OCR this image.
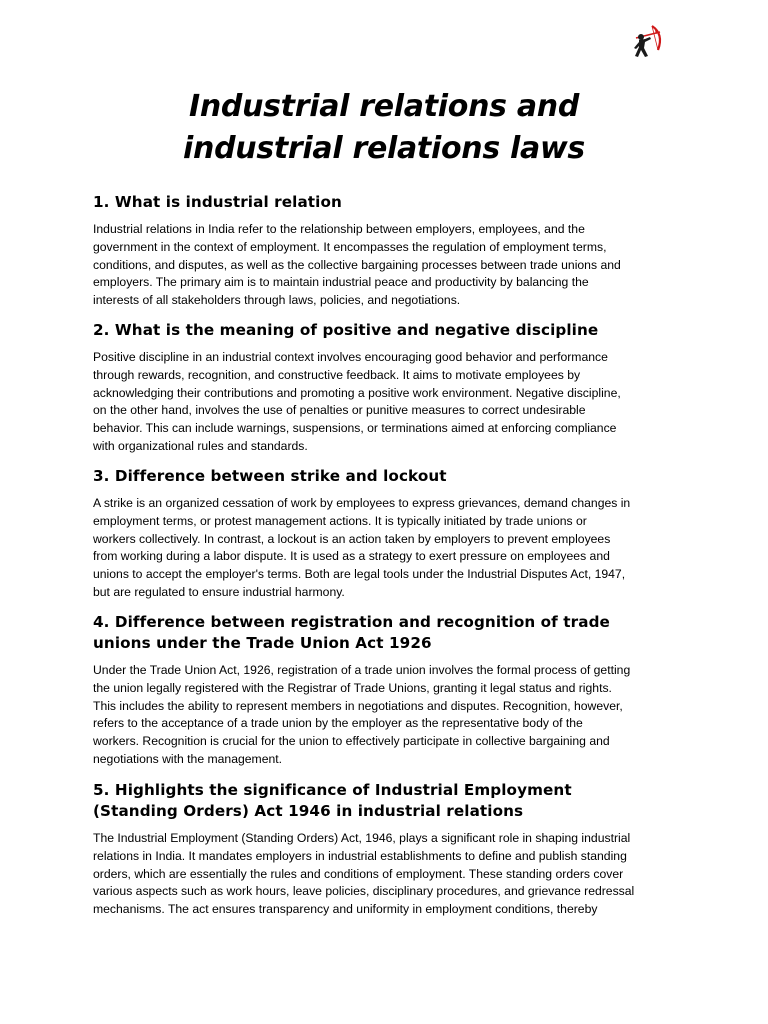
Industrial relations and
industrial relations laws
1. What is industrial relation

Industrial relations in India refer to the relationship between employers, employees, and the
government in the context of employment. It encompasses the regulation of employment terms,
conditions, and disputes, as well as the collective bargaining processes between trade unions and
employers. The primary aim is to maintain industrial peace and productivity by balancing the
interests of all stakeholders through laws, policies, and negotiations.

2. What is the meaning of positive and negative discipline

Positive discipline in an industrial context involves encouraging good behavior and performance
through rewards, recognition, and constructive feedback. It aims to motivate employees by
acknowledging their contributions and promoting a positive work environment. Negative discipline,
on the other hand, involves the use of penalties or punitive measures to correct undesirable
behavior. This can include warnings, suspensions, or terminations aimed at enforcing compliance
with organizational rules and standards.

3. Difference between strike and lockout

A strike is an organized cessation of work by employees to express grievances, demand changes in
employment terms, or protest management actions. It is typically initiated by trade unions or
workers collectively. In contrast, a lockout is an action taken by employers to prevent employees
from working during a labor dispute. It is used as a strategy to exert pressure on employees and
unions to accept the employer's terms. Both are legal tools under the Industrial Disputes Act, 1947,
but are regulated to ensure industrial harmony.

4. Difference between registration and recognition of trade
unions under the Trade Union Act 1926

Under the Trade Union Act, 1926, registration of a trade union involves the formal process of getting
the union legally registered with the Registrar of Trade Unions, granting it legal status and rights.
This includes the ability to represent members in negotiations and disputes. Recognition, however,
refers to the acceptance of a trade union by the employer as the representative body of the
workers. Recognition is crucial for the union to effectively participate in collective bargaining and
negotiations with the management.

5. Highlights the significance of Industrial Employment
(Standing Orders) Act 1946 in industrial relations

The Industrial Employment (Standing Orders) Act, 1946, plays a significant role in shaping industrial
relations in India. It mandates employers in industrial establishments to define and publish standing
orders, which are essentially the rules and conditions of employment. These standing orders cover
various aspects such as work hours, leave policies, disciplinary procedures, and grievance redressal
mechanisms. The act ensures transparency and uniformity in employment conditions, thereby
